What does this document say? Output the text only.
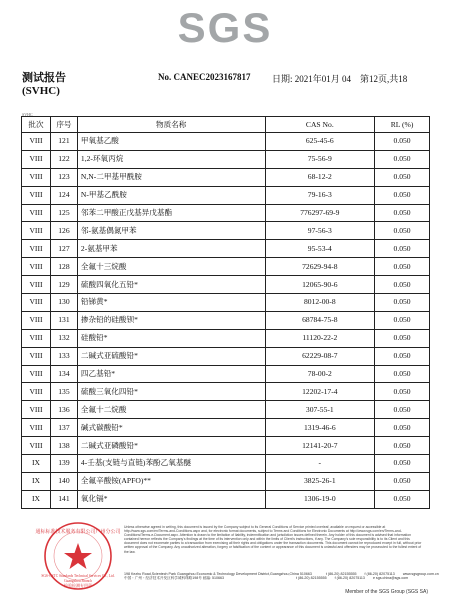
SGS
测试报告
(SVHC)
No. CANEC2023167817 日期: 2021年01月 04 第12页,共18
SVHC
批次	序号	物质名称	CAS No.	RL (%)
VIII	121	甲氧基乙酸	625-45-6	0.050
VIII	122	1,2-环氧丙烷	75-56-9	0.050
VIII	123	N,N-二甲基甲酰胺	68-12-2	0.050
VIII	124	N-甲基乙酰胺	79-16-3	0.050
VIII	125	邻苯二甲酸正戊基异戊基酯	776297-69-9	0.050
VIII	126	邻-氨基偶氮甲苯	97-56-3	0.050
VIII	127	2-氨基甲苯	95-53-4	0.050
VIII	128	全氟十三烷酸	72629-94-8	0.050
VIII	129	硫酸四氧化五铅*	12065-90-6	0.050
VIII	130	铅锑黄*	8012-00-8	0.050
VIII	131	掺杂铅的硅酸钡*	68784-75-8	0.050
VIII	132	硅酸铅*	11120-22-2	0.050
VIII	133	二碱式亚硫酸铅*	62229-08-7	0.050
VIII	134	四乙基铅*	78-00-2	0.050
VIII	135	硫酸三氧化四铅*	12202-17-4	0.050
VIII	136	全氟十二烷酸	307-55-1	0.050
VIII	137	碱式碳酸铅*	1319-46-6	0.050
VIII	138	二碱式亚磷酸铅*	12141-20-7	0.050
IX	139	4-壬基(支链与直链)苯酚乙氧基醚	-	0.050
IX	140	全氟辛酸铵(APFO)**	3825-26-1	0.050
IX	141	氧化镉*	1306-19-0	0.050
通标标准技术服务有限公司广州分公司
SGS-CSTC Standards Technical Services Co., Ltd.
Guangzhou Branch
检验检测专用章
Unless otherwise agreed in writing, this document is issued by the Company subject to its General Conditions of Service printed overleaf, available on request or accessible at http://www.sgs.com/en/Terms-and-Conditions.aspx and, for electronic format documents, subject to Terms and Conditions for Electronic Documents at http://www.sgs.com/en/Terms-and-Conditions/Terms-e-Document.aspx. Attention is drawn to the limitation of liability, indemnification and jurisdiction issues defined therein. Any holder of this document is advised that information contained hereon reflects the Company's findings at the time of its intervention only and within the limits of Client's instructions, if any. The Company's sole responsibility is to its Client and this document does not exonerate parties to a transaction from exercising all their rights and obligations under the transaction documents. This document cannot be reproduced except in full, without prior written approval of the Company. Any unauthorized alteration, forgery or falsification of the content or appearance of this document is unlawful and offenders may be prosecuted to the fullest extent of the law.
198 Kezhu Road,Scientech Park Guangzhou Economic & Technology Development District,Guangzhou,China 510663	t (86-20) 82155555 f (86-20) 82075113 www.sgsgroup.com.cn
中国・广州・经济技术开发区科学城科珠路198号 邮编: 510663	t (86-20) 82155555 f (86-20) 82075113 e sgs.china@sgs.com
Member of the SGS Group (SGS SA)
